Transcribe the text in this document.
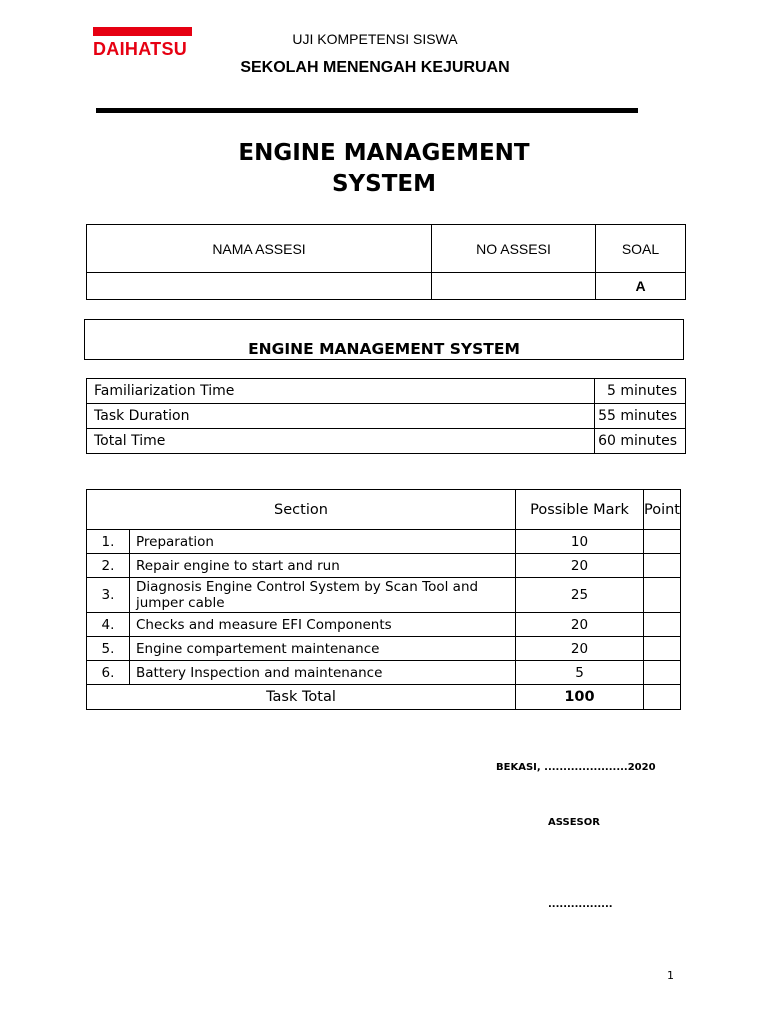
DAIHATSU	UJI KOMPETENSI SISWA
SEKOLAH MENENGAH KEJURUAN
ENGINE MANAGEMENT
SYSTEM
NAMA ASSESI	NO ASSESI	SOAL
		A
ENGINE MANAGEMENT SYSTEM
Familiarization Time	5 minutes
Task Duration	55 minutes
Total Time	60 minutes
Section		Possible Mark	Point
1.	Preparation	10	
2.	Repair engine to start and run	20	
3.	Diagnosis Engine Control System by Scan Tool and jumper cable	25	
4.	Checks and measure EFI Components	20	
5.	Engine compartement maintenance	20	
6.	Battery Inspection and maintenance	5	
Task Total		100	
BEKASI, ......................2020
ASSESOR
.................
1
